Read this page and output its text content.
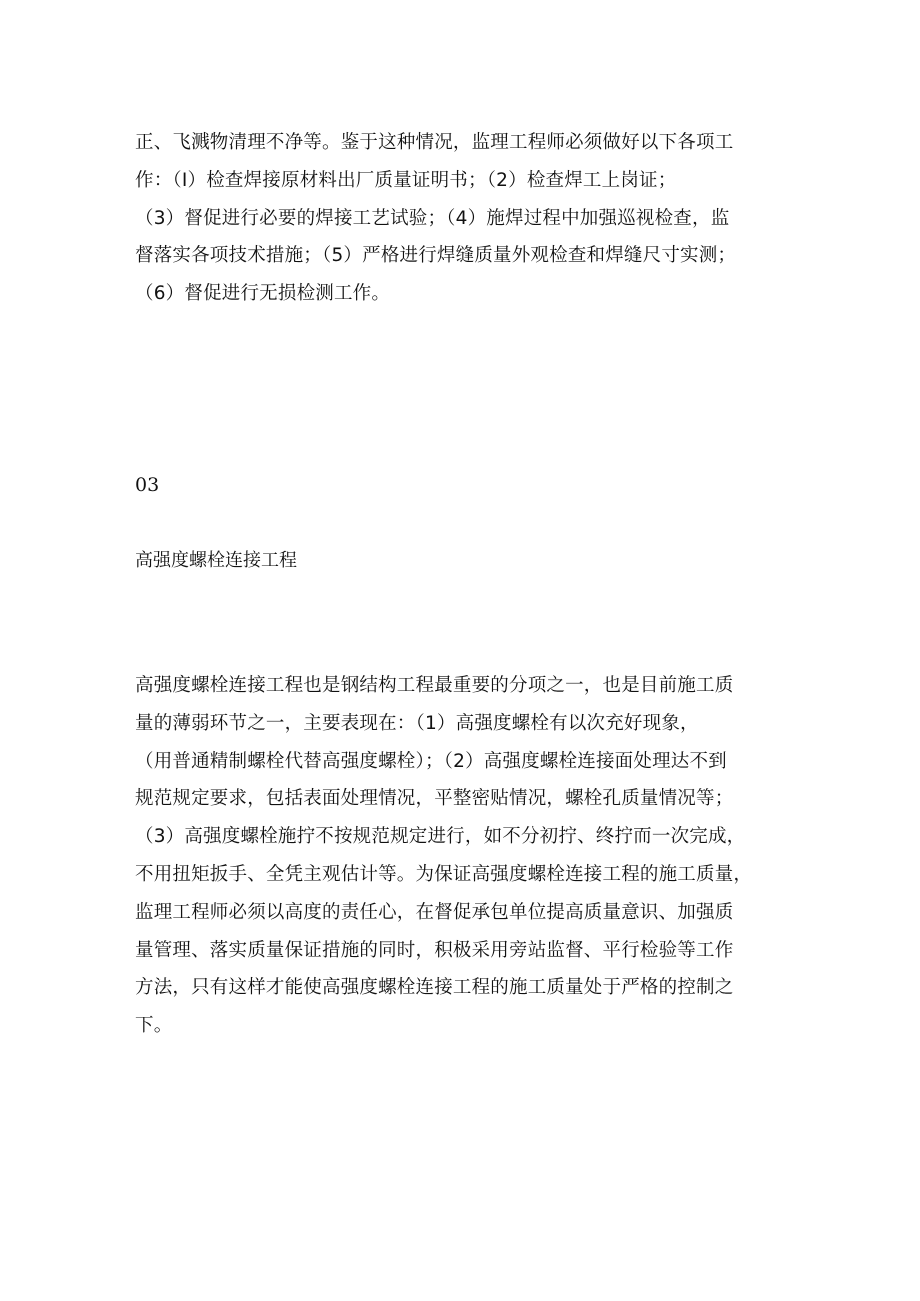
正、飞溅物清理不净等。鉴于这种情况，监理工程师必须做好以下各项工
作：（I）检查焊接原材料出厂质量证明书；（2）检查焊工上岗证；
（3）督促进行必要的焊接工艺试验；（4）施焊过程中加强巡视检查，监
督落实各项技术措施；（5）严格进行焊缝质量外观检查和焊缝尺寸实测；
（6）督促进行无损检测工作。

03
高强度螺栓连接工程

高强度螺栓连接工程也是钢结构工程最重要的分项之一，也是目前施工质
量的薄弱环节之一，主要表现在：（1）高强度螺栓有以次充好现象，
（用普通精制螺栓代替高强度螺栓）；（2）高强度螺栓连接面处理达不到
规范规定要求，包括表面处理情况，平整密贴情况，螺栓孔质量情况等；
（3）高强度螺栓施拧不按规范规定进行，如不分初拧、终拧而一次完成，
不用扭矩扳手、全凭主观估计等。为保证高强度螺栓连接工程的施工质量，
监理工程师必须以高度的责任心，在督促承包单位提高质量意识、加强质
量管理、落实质量保证措施的同时，积极采用旁站监督、平行检验等工作
方法，只有这样才能使高强度螺栓连接工程的施工质量处于严格的控制之
下。
